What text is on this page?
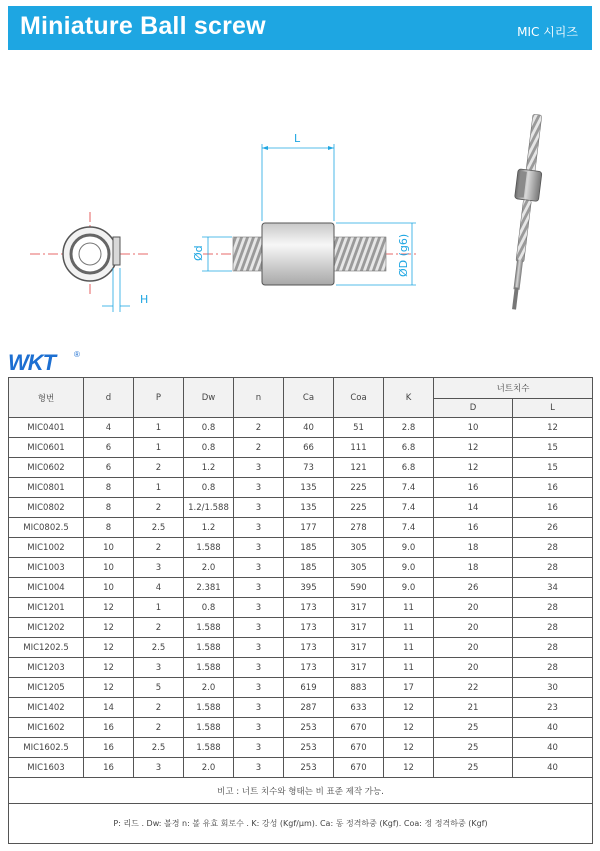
Miniature Ball screw	MIC 시리즈
H
L
Ød	ØD (g6)
WKT ®
형번	d	P	Dw	n	Ca	Coa	K	너트치수	
								D	L
MIC0401	4	1	0.8	2	40	51	2.8	10	12
MIC0601	6	1	0.8	2	66	111	6.8	12	15
MIC0602	6	2	1.2	3	73	121	6.8	12	15
MIC0801	8	1	0.8	3	135	225	7.4	16	16
MIC0802	8	2	1.2/1.588	3	135	225	7.4	14	16
MIC0802.5	8	2.5	1.2	3	177	278	7.4	16	26
MIC1002	10	2	1.588	3	185	305	9.0	18	28
MIC1003	10	3	2.0	3	185	305	9.0	18	28
MIC1004	10	4	2.381	3	395	590	9.0	26	34
MIC1201	12	1	0.8	3	173	317	11	20	28
MIC1202	12	2	1.588	3	173	317	11	20	28
MIC1202.5	12	2.5	1.588	3	173	317	11	20	28
MIC1203	12	3	1.588	3	173	317	11	20	28
MIC1205	12	5	2.0	3	619	883	17	22	30
MIC1402	14	2	1.588	3	287	633	12	21	23
MIC1602	16	2	1.588	3	253	670	12	25	40
MIC1602.5	16	2.5	1.588	3	253	670	12	25	40
MIC1603	16	3	2.0	3	253	670	12	25	40
비고 : 너트 치수와 형태는 비 표준 제작 가능.									
P: 리드 . Dw: 볼경 n: 볼 유효 회로수 . K: 강성 (Kgf/μm). Ca: 동 정격하중 (Kgf). Coa: 정 정격하중 (Kgf)									
